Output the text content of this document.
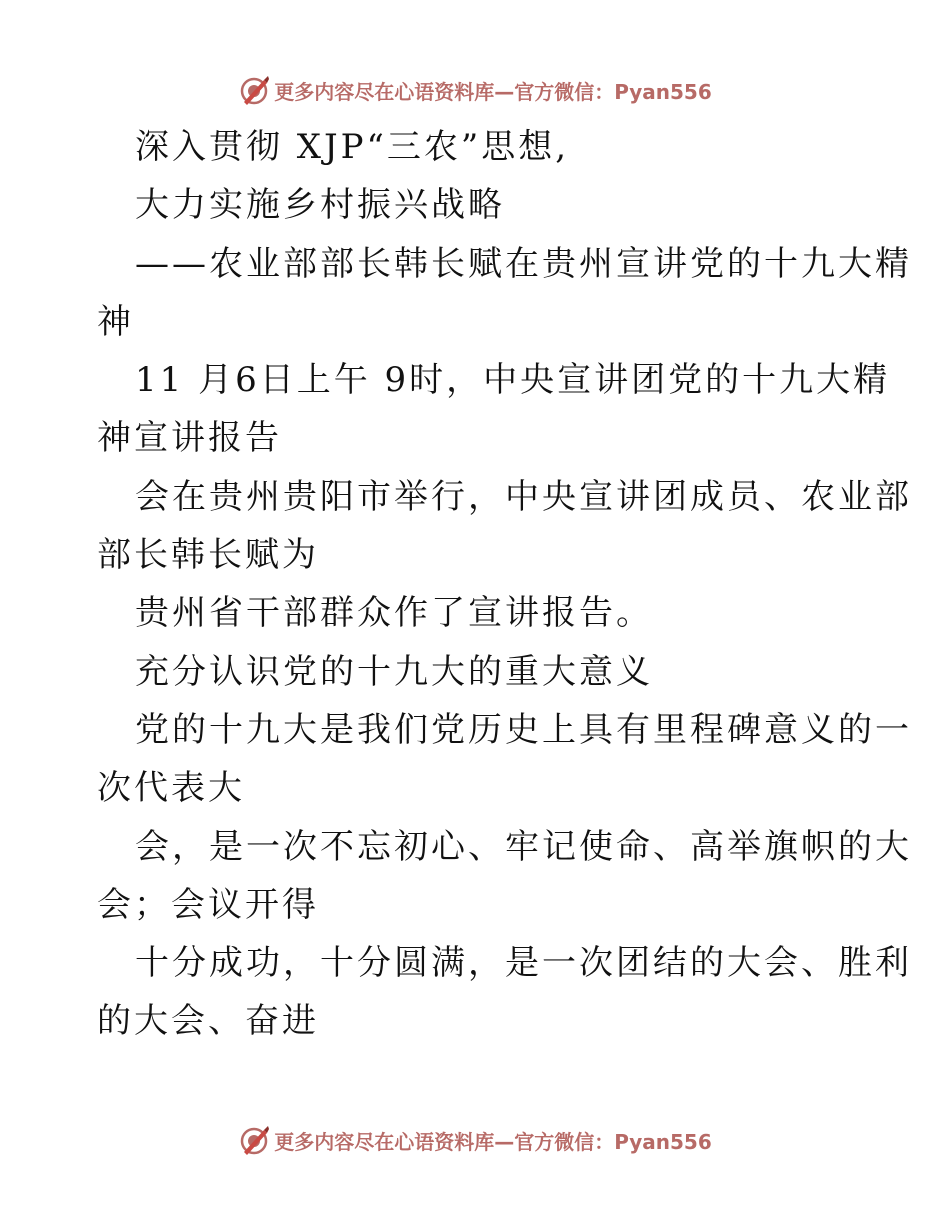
更多内容尽在心语资料库—官方微信：Pyan556
深入贯彻 XJP“三农”思想,
大力实施乡村振兴战略
——农业部部长韩长赋在贵州宣讲党的十九大精
神
11 月6日上午 9时，中央宣讲团党的十九大精
神宣讲报告
会在贵州贵阳市举行，中央宣讲团成员、农业部
部长韩长赋为
贵州省干部群众作了宣讲报告。
充分认识党的十九大的重大意义
党的十九大是我们党历史上具有里程碑意义的一
次代表大
会，是一次不忘初心、牢记使命、高举旗帜的大
会；会议开得
十分成功，十分圆满，是一次团结的大会、胜利
的大会、奋进
更多内容尽在心语资料库—官方微信：Pyan556
